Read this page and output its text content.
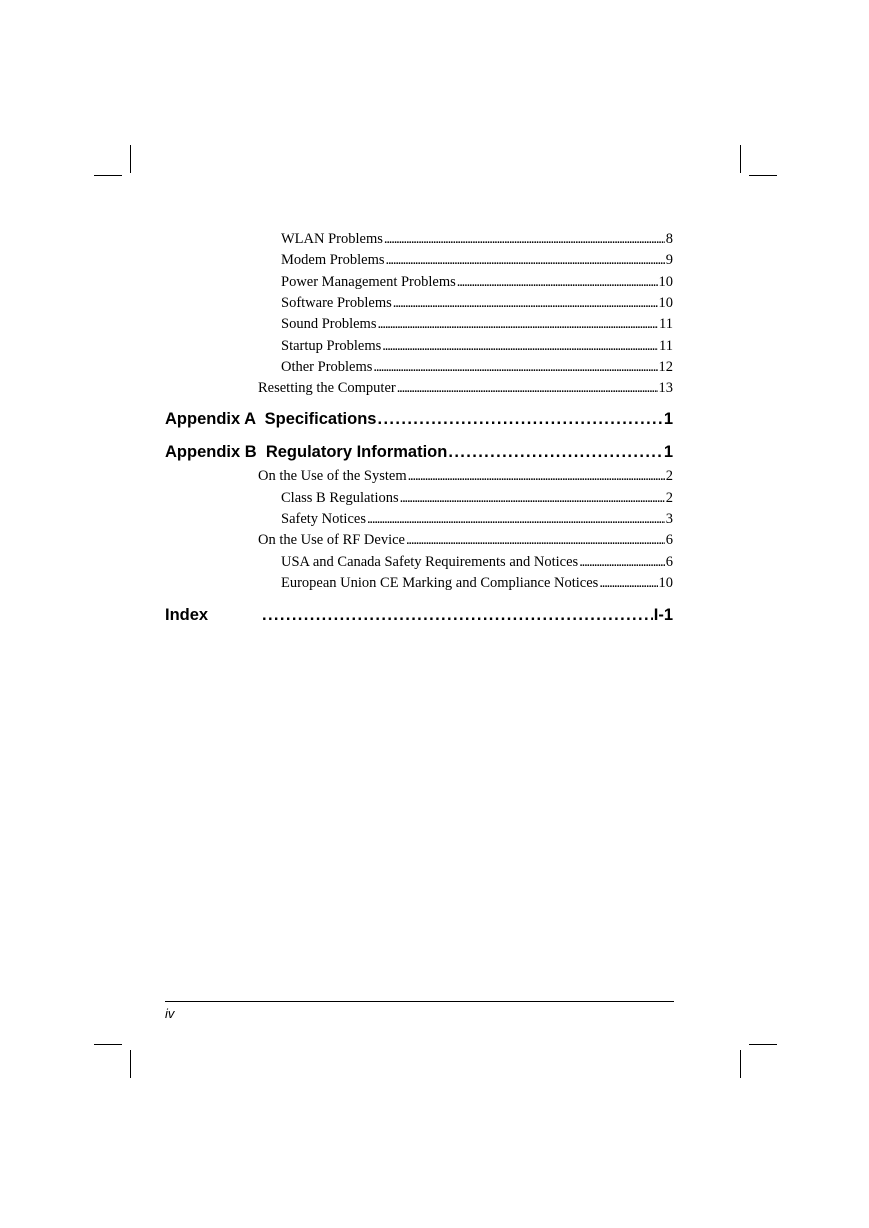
WLAN Problems . . .	8
Modem Problems . . .	9
Power Management Problems . . .	10
Software Problems . . .	10
Sound Problems . . .	11
Startup Problems . . .	11
Other Problems . . .	12
Resetting the Computer . . .	13
Appendix A  Specifications . . .	1
Appendix B  Regulatory Information . . .	1
On the Use of the System . . .	2
Class B Regulations . . .	2
Safety Notices . . .	3
On the Use of RF Device . . .	6
USA and Canada Safety Requirements and Notices . . .	6
European Union CE Marking and Compliance Notices . . .	10
Index . . .	I-1
iv
